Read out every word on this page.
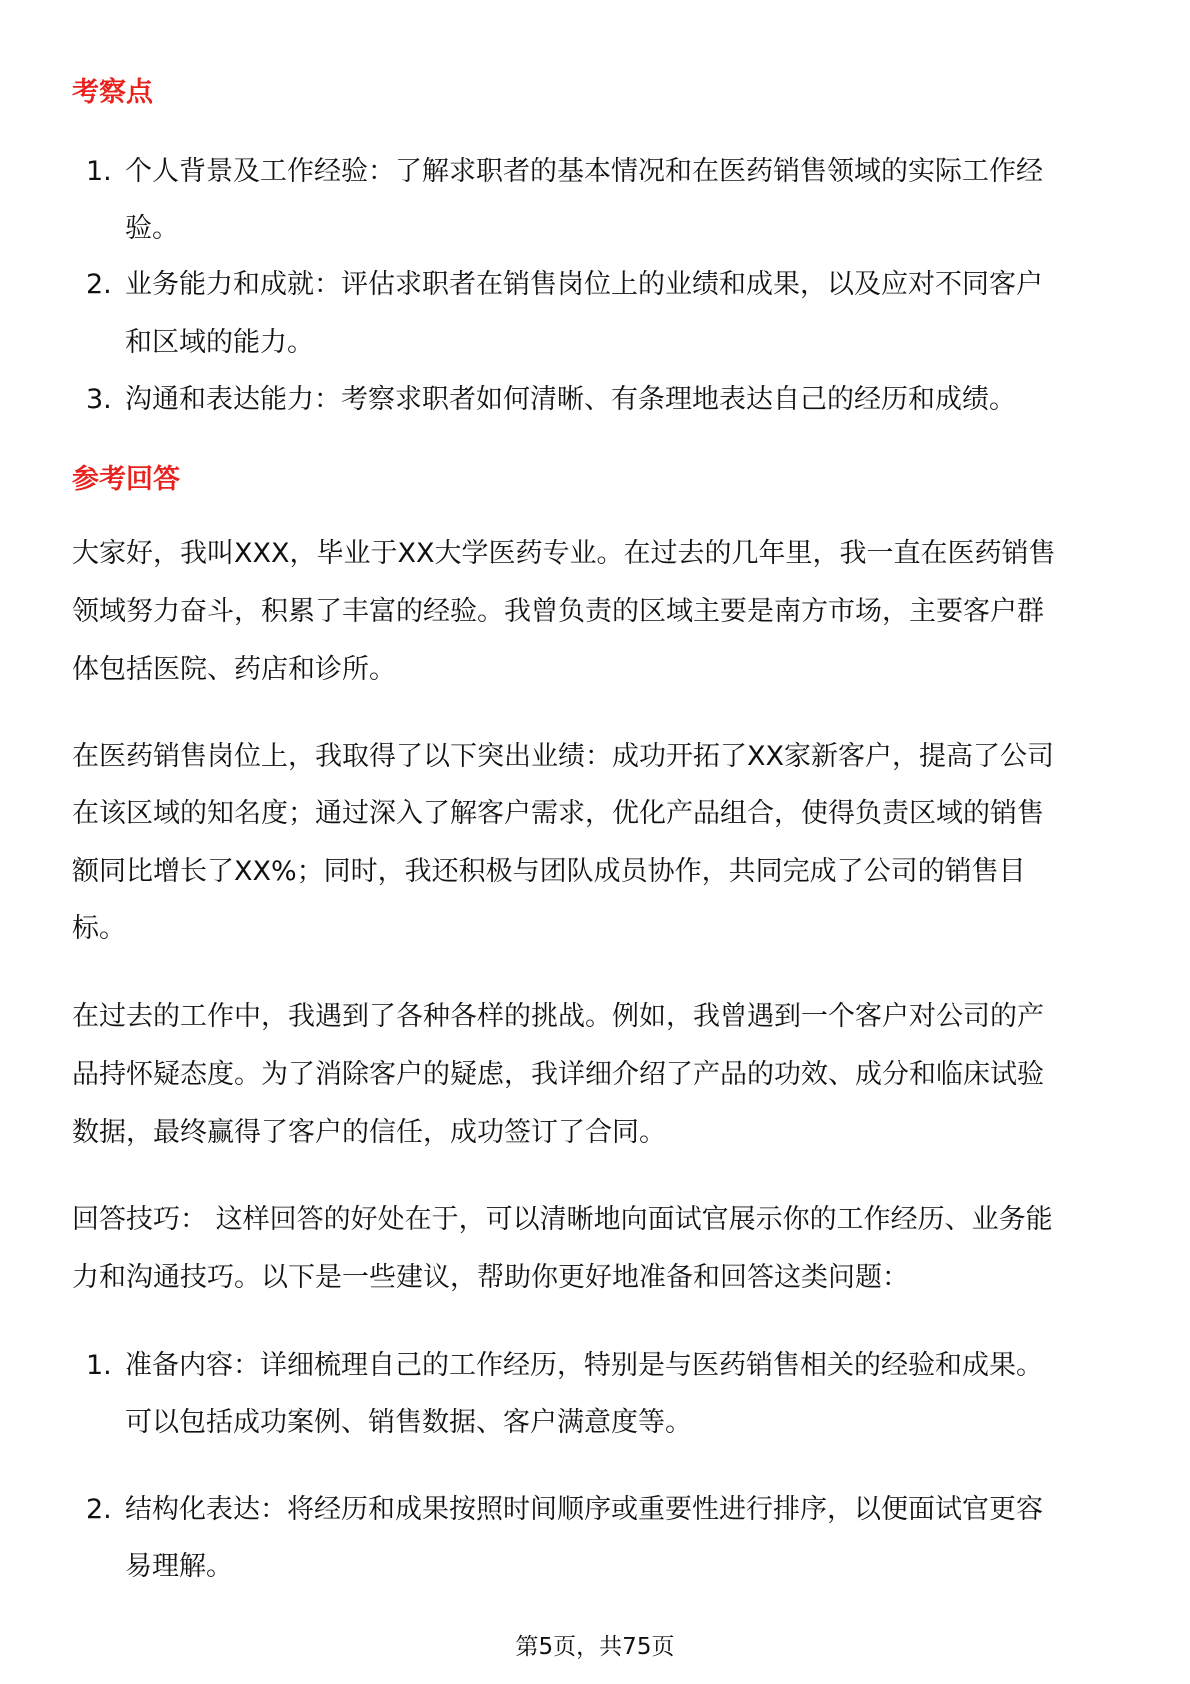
考察点
1. 个人背景及工作经验：了解求职者的基本情况和在医药销售领域的实际工作经
验。
2. 业务能力和成就：评估求职者在销售岗位上的业绩和成果，以及应对不同客户
和区域的能力。
3. 沟通和表达能力：考察求职者如何清晰、有条理地表达自己的经历和成绩。
参考回答
大家好，我叫XXX，毕业于XX大学医药专业。在过去的几年里，我一直在医药销售
领域努力奋斗，积累了丰富的经验。我曾负责的区域主要是南方市场，主要客户群
体包括医院、药店和诊所。
在医药销售岗位上，我取得了以下突出业绩：成功开拓了XX家新客户，提高了公司
在该区域的知名度；通过深入了解客户需求，优化产品组合，使得负责区域的销售
额同比增长了XX%；同时，我还积极与团队成员协作，共同完成了公司的销售目
标。
在过去的工作中，我遇到了各种各样的挑战。例如，我曾遇到一个客户对公司的产
品持怀疑态度。为了消除客户的疑虑，我详细介绍了产品的功效、成分和临床试验
数据，最终赢得了客户的信任，成功签订了合同。
回答技巧： 这样回答的好处在于，可以清晰地向面试官展示你的工作经历、业务能
力和沟通技巧。以下是一些建议，帮助你更好地准备和回答这类问题：
1. 准备内容：详细梳理自己的工作经历，特别是与医药销售相关的经验和成果。
可以包括成功案例、销售数据、客户满意度等。
2. 结构化表达：将经历和成果按照时间顺序或重要性进行排序，以便面试官更容
易理解。
第5页，共75页
